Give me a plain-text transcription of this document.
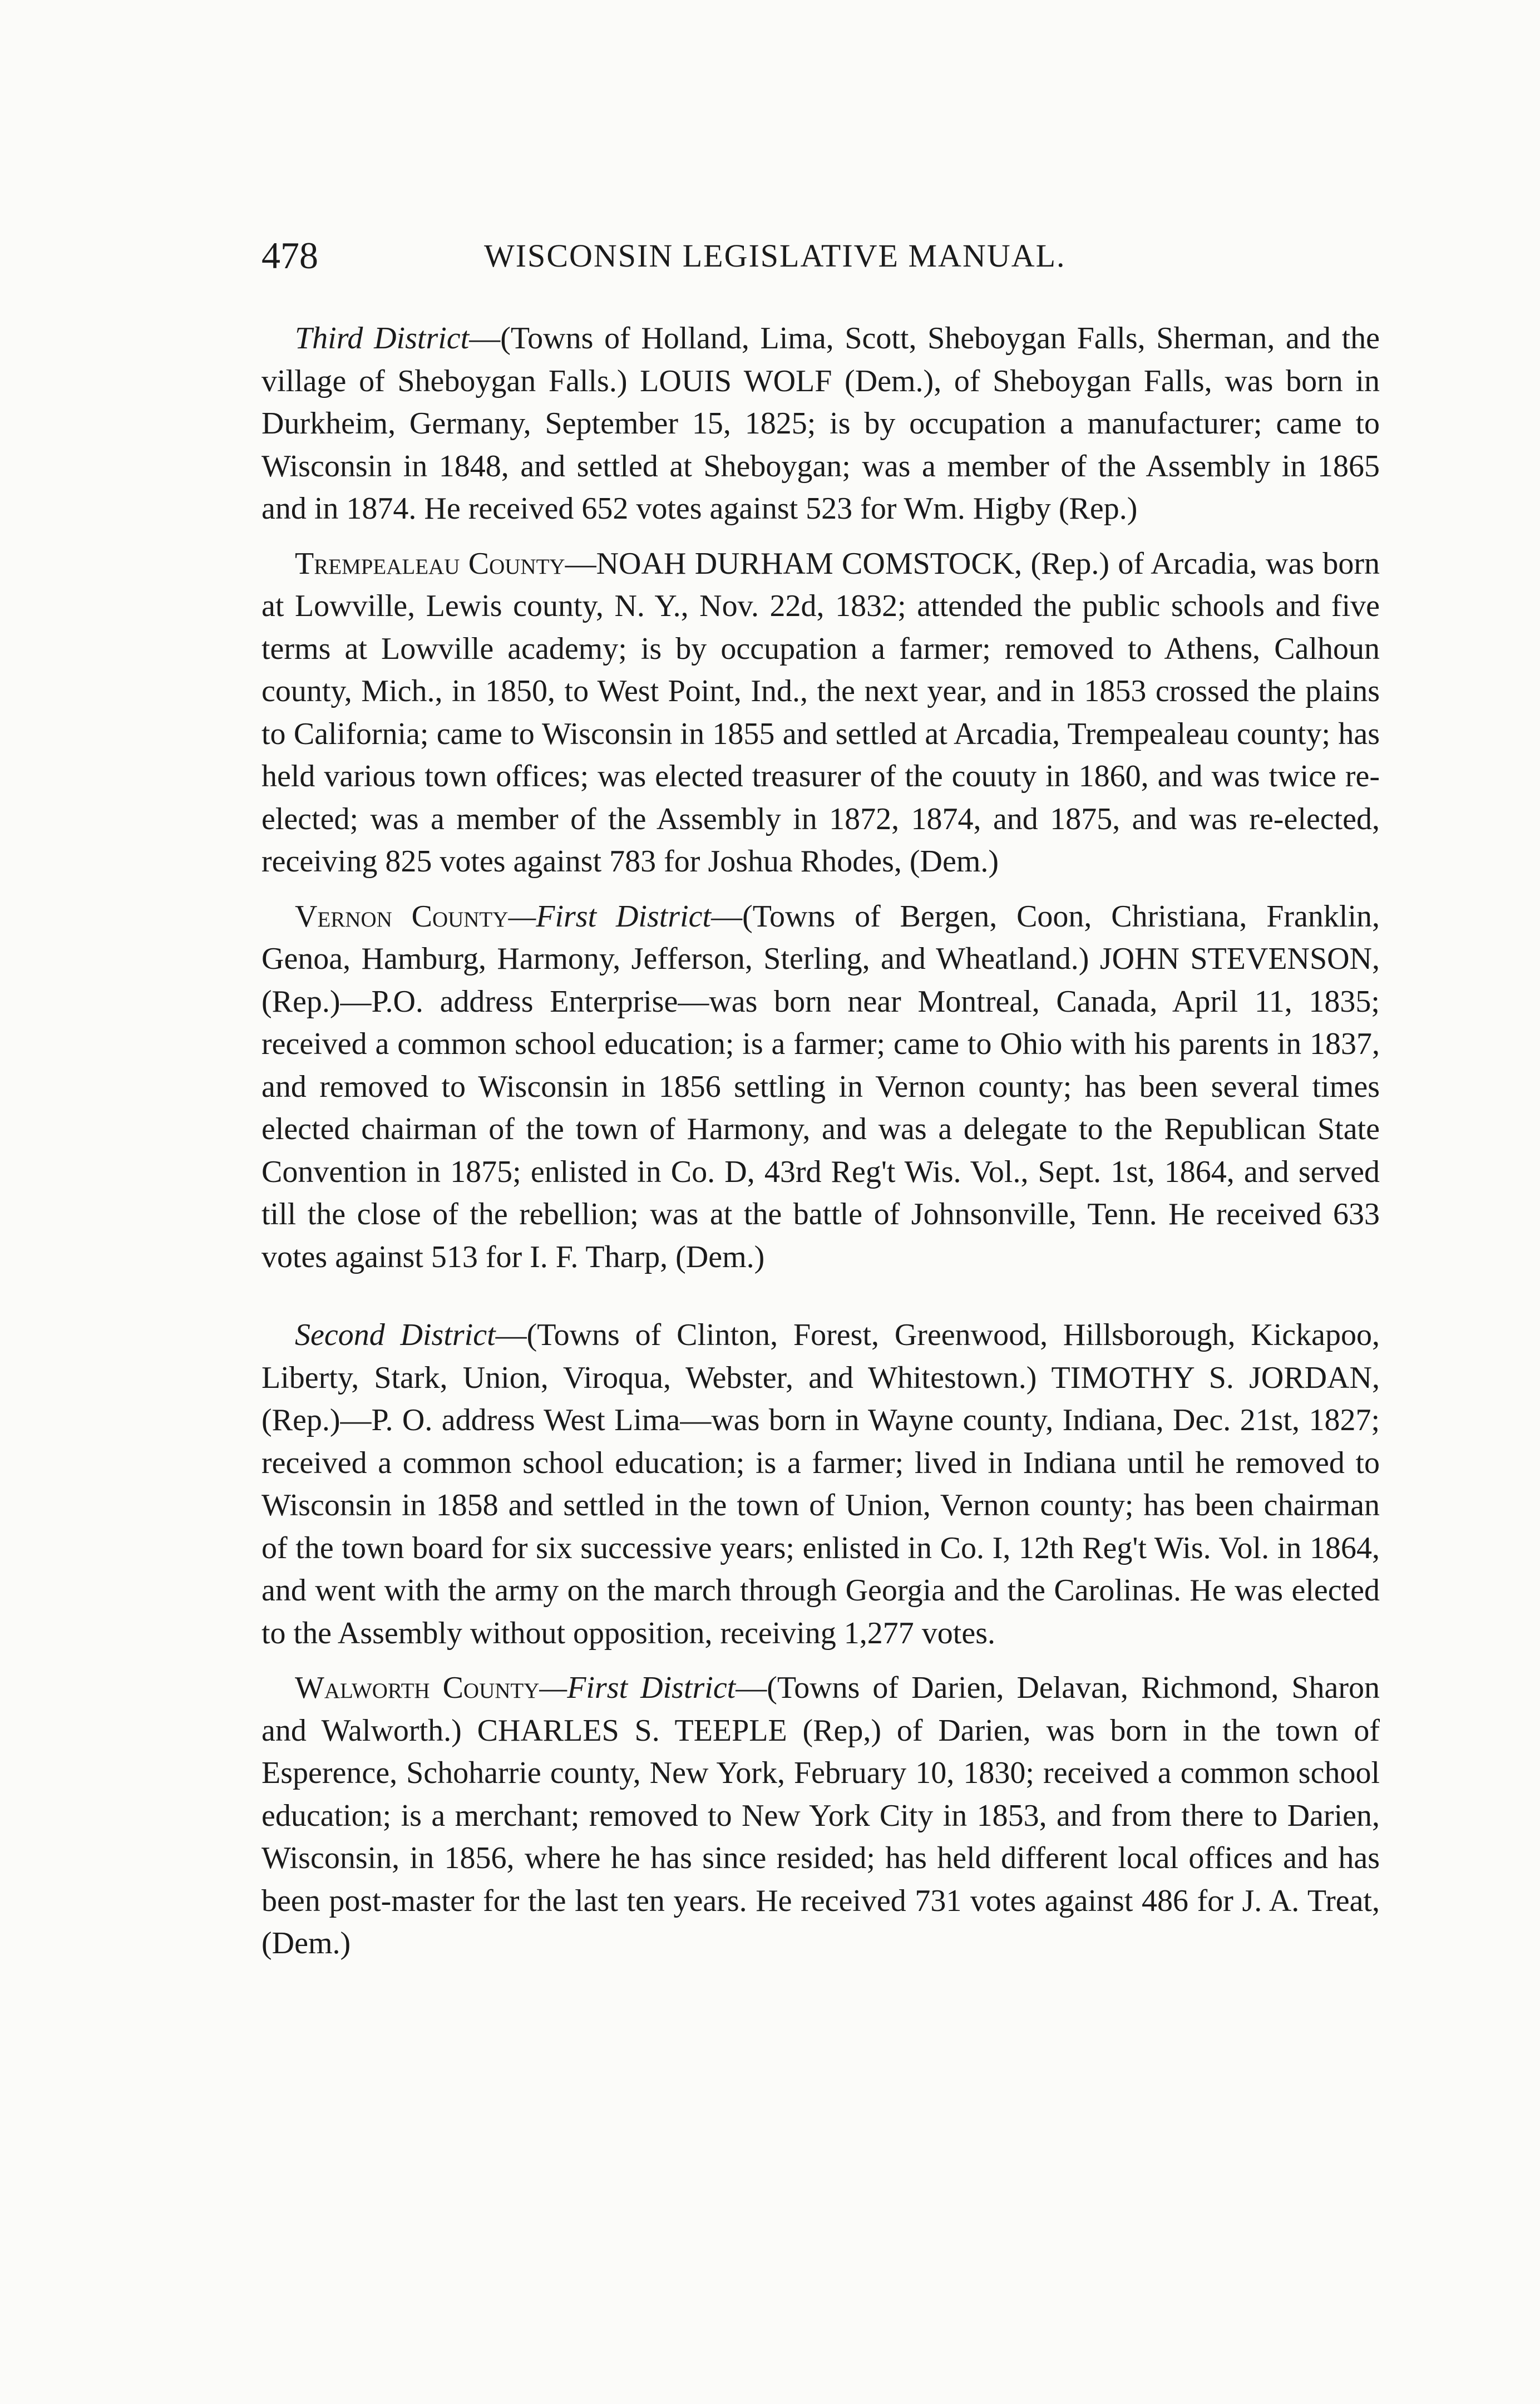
478	WISCONSIN LEGISLATIVE MANUAL.

Third District—(Towns of Holland, Lima, Scott, Sheboygan Falls, Sherman, and the village of Sheboygan Falls.) LOUIS WOLF (Dem.), of Sheboygan Falls, was born in Durkheim, Germany, September 15, 1825; is by occupation a manufacturer; came to Wisconsin in 1848, and settled at Sheboygan; was a member of the Assembly in 1865 and in 1874. He received 652 votes against 523 for Wm. Higby (Rep.)

Trempealeau County—NOAH DURHAM COMSTOCK, (Rep.) of Arcadia, was born at Lowville, Lewis county, N. Y., Nov. 22d, 1832; attended the public schools and five terms at Lowville academy; is by occupation a farmer; removed to Athens, Calhoun county, Mich., in 1850, to West Point, Ind., the next year, and in 1853 crossed the plains to California; came to Wisconsin in 1855 and settled at Arcadia, Trempealeau county; has held various town offices; was elected treasurer of the couuty in 1860, and was twice re-elected; was a member of the Assembly in 1872, 1874, and 1875, and was re-elected, receiving 825 votes against 783 for Joshua Rhodes, (Dem.)

Vernon County—First District—(Towns of Bergen, Coon, Christiana, Franklin, Genoa, Hamburg, Harmony, Jefferson, Sterling, and Wheatland.) JOHN STEVENSON, (Rep.)—P.O. address Enterprise—was born near Montreal, Canada, April 11, 1835; received a common school education; is a farmer; came to Ohio with his parents in 1837, and removed to Wisconsin in 1856 settling in Vernon county; has been several times elected chairman of the town of Harmony, and was a delegate to the Republican State Convention in 1875; enlisted in Co. D, 43rd Reg't Wis. Vol., Sept. 1st, 1864, and served till the close of the rebellion; was at the battle of Johnsonville, Tenn. He received 633 votes against 513 for I. F. Tharp, (Dem.)

Second District—(Towns of Clinton, Forest, Greenwood, Hillsborough, Kickapoo, Liberty, Stark, Union, Viroqua, Webster, and Whitestown.) TIMOTHY S. JORDAN, (Rep.)—P. O. address West Lima—was born in Wayne county, Indiana, Dec. 21st, 1827; received a common school education; is a farmer; lived in Indiana until he removed to Wisconsin in 1858 and settled in the town of Union, Vernon county; has been chairman of the town board for six successive years; enlisted in Co. I, 12th Reg't Wis. Vol. in 1864, and went with the army on the march through Georgia and the Carolinas. He was elected to the Assembly without opposition, receiving 1,277 votes.

Walworth County—First District—(Towns of Darien, Delavan, Richmond, Sharon and Walworth.) CHARLES S. TEEPLE (Rep,) of Darien, was born in the town of Esperence, Schoharrie county, New York, February 10, 1830; received a common school education; is a merchant; removed to New York City in 1853, and from there to Darien, Wisconsin, in 1856, where he has since resided; has held different local offices and has been post-master for the last ten years. He received 731 votes against 486 for J. A. Treat, (Dem.)
